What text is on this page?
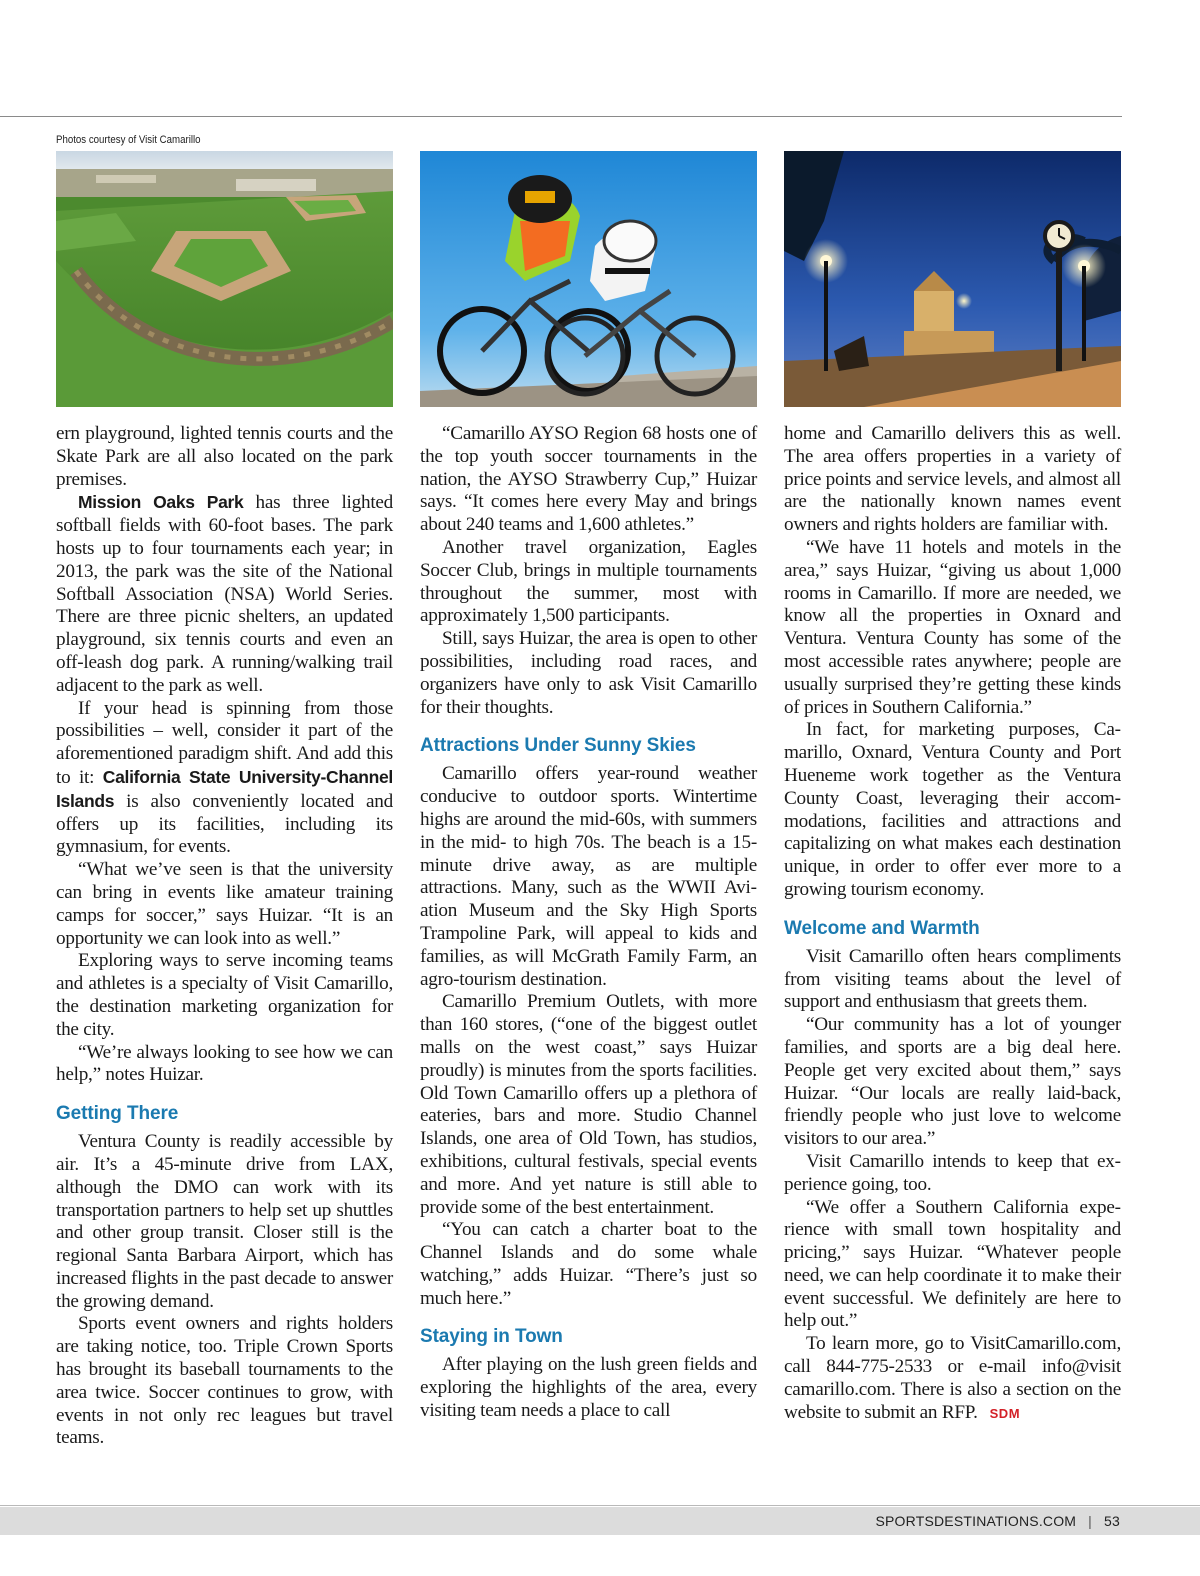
Photos courtesy of Visit Camarillo

ern playground, lighted tennis courts and the Skate Park are all also located on the park premises.

Mission Oaks Park has three lighted softball fields with 60-foot bases. The park hosts up to four tournaments each year; in 2013, the park was the site of the National Softball Association (NSA) World Series. There are three picnic shelters, an updated playground, six tennis courts and even an off-leash dog park. A running/walking trail adjacent to the park as well.

If your head is spinning from those possibilities – well, consider it part of the aforementioned paradigm shift. And add this to it: California State University-Channel Islands is also conveniently located and offers up its facilities, including its gymnasium, for events.

“What we’ve seen is that the university can bring in events like amateur training camps for soccer,” says Huizar. “It is an opportunity we can look into as well.”

Exploring ways to serve incoming teams and athletes is a specialty of Visit Camarillo, the destination marketing organization for the city.

“We’re always looking to see how we can help,” notes Huizar.

Getting There

Ventura County is readily accessible by air. It’s a 45-minute drive from LAX, although the DMO can work with its transportation partners to help set up shuttles and other group transit. Closer still is the regional Santa Barbara Airport, which has increased flights in the past decade to answer the growing demand.

Sports event owners and rights holders are taking notice, too. Triple Crown Sports has brought its baseball tournaments to the area twice. Soccer continues to grow, with events in not only rec leagues but travel teams.

“Camarillo AYSO Region 68 hosts one of the top youth soccer tournaments in the nation, the AYSO Strawberry Cup,” Huizar says. “It comes here every May and brings about 240 teams and 1,600 athletes.”

Another travel organization, Eagles Soccer Club, brings in multiple tournaments throughout the summer, most with approximately 1,500 participants.

Still, says Huizar, the area is open to other possibilities, including road races, and organizers have only to ask Visit Camarillo for their thoughts.

Attractions Under Sunny Skies

Camarillo offers year-round weather conducive to outdoor sports. Wintertime highs are around the mid-60s, with summers in the mid- to high 70s. The beach is a 15-minute drive away, as are multiple attractions. Many, such as the WWII Aviation Museum and the Sky High Sports Trampoline Park, will appeal to kids and families, as will McGrath Family Farm, an agro-tourism destination.

Camarillo Premium Outlets, with more than 160 stores, (“one of the biggest outlet malls on the west coast,” says Huizar proudly) is minutes from the sports facilities. Old Town Camarillo offers up a plethora of eateries, bars and more. Studio Channel Islands, one area of Old Town, has studios, exhibitions, cultural festivals, special events and more. And yet nature is still able to provide some of the best entertainment.

“You can catch a charter boat to the Channel Islands and do some whale watching,” adds Huizar. “There’s just so much here.”

Staying in Town

After playing on the lush green fields and exploring the highlights of the area, every visiting team needs a place to call

home and Camarillo delivers this as well. The area offers properties in a variety of price points and service levels, and almost all are the nationally known names event owners and rights holders are familiar with.

“We have 11 hotels and motels in the area,” says Huizar, “giving us about 1,000 rooms in Camarillo. If more are needed, we know all the properties in Oxnard and Ventura. Ventura County has some of the most accessible rates anywhere; people are usually surprised they’re getting these kinds of prices in Southern California.”

In fact, for marketing purposes, Camarillo, Oxnard, Ventura County and Port Hueneme work together as the Ventura County Coast, leveraging their accommodations, facilities and attractions and capitalizing on what makes each destination unique, in order to offer ever more to a growing tourism economy.

Welcome and Warmth

Visit Camarillo often hears compliments from visiting teams about the level of support and enthusiasm that greets them.

“Our community has a lot of younger families, and sports are a big deal here. People get very excited about them,” says Huizar. “Our locals are really laid-back, friendly people who just love to welcome visitors to our area.”

Visit Camarillo intends to keep that experience going, too.

“We offer a Southern California experience with small town hospitality and pricing,” says Huizar. “Whatever people need, we can help coordinate it to make their event successful. We definitely are here to help out.”

To learn more, go to VisitCamarillo.com, call 844-775-2533 or e-mail info@visit camarillo.com. There is also a section on the website to submit an RFP. SDM

SPORTSDESTINATIONS.COM | 53
